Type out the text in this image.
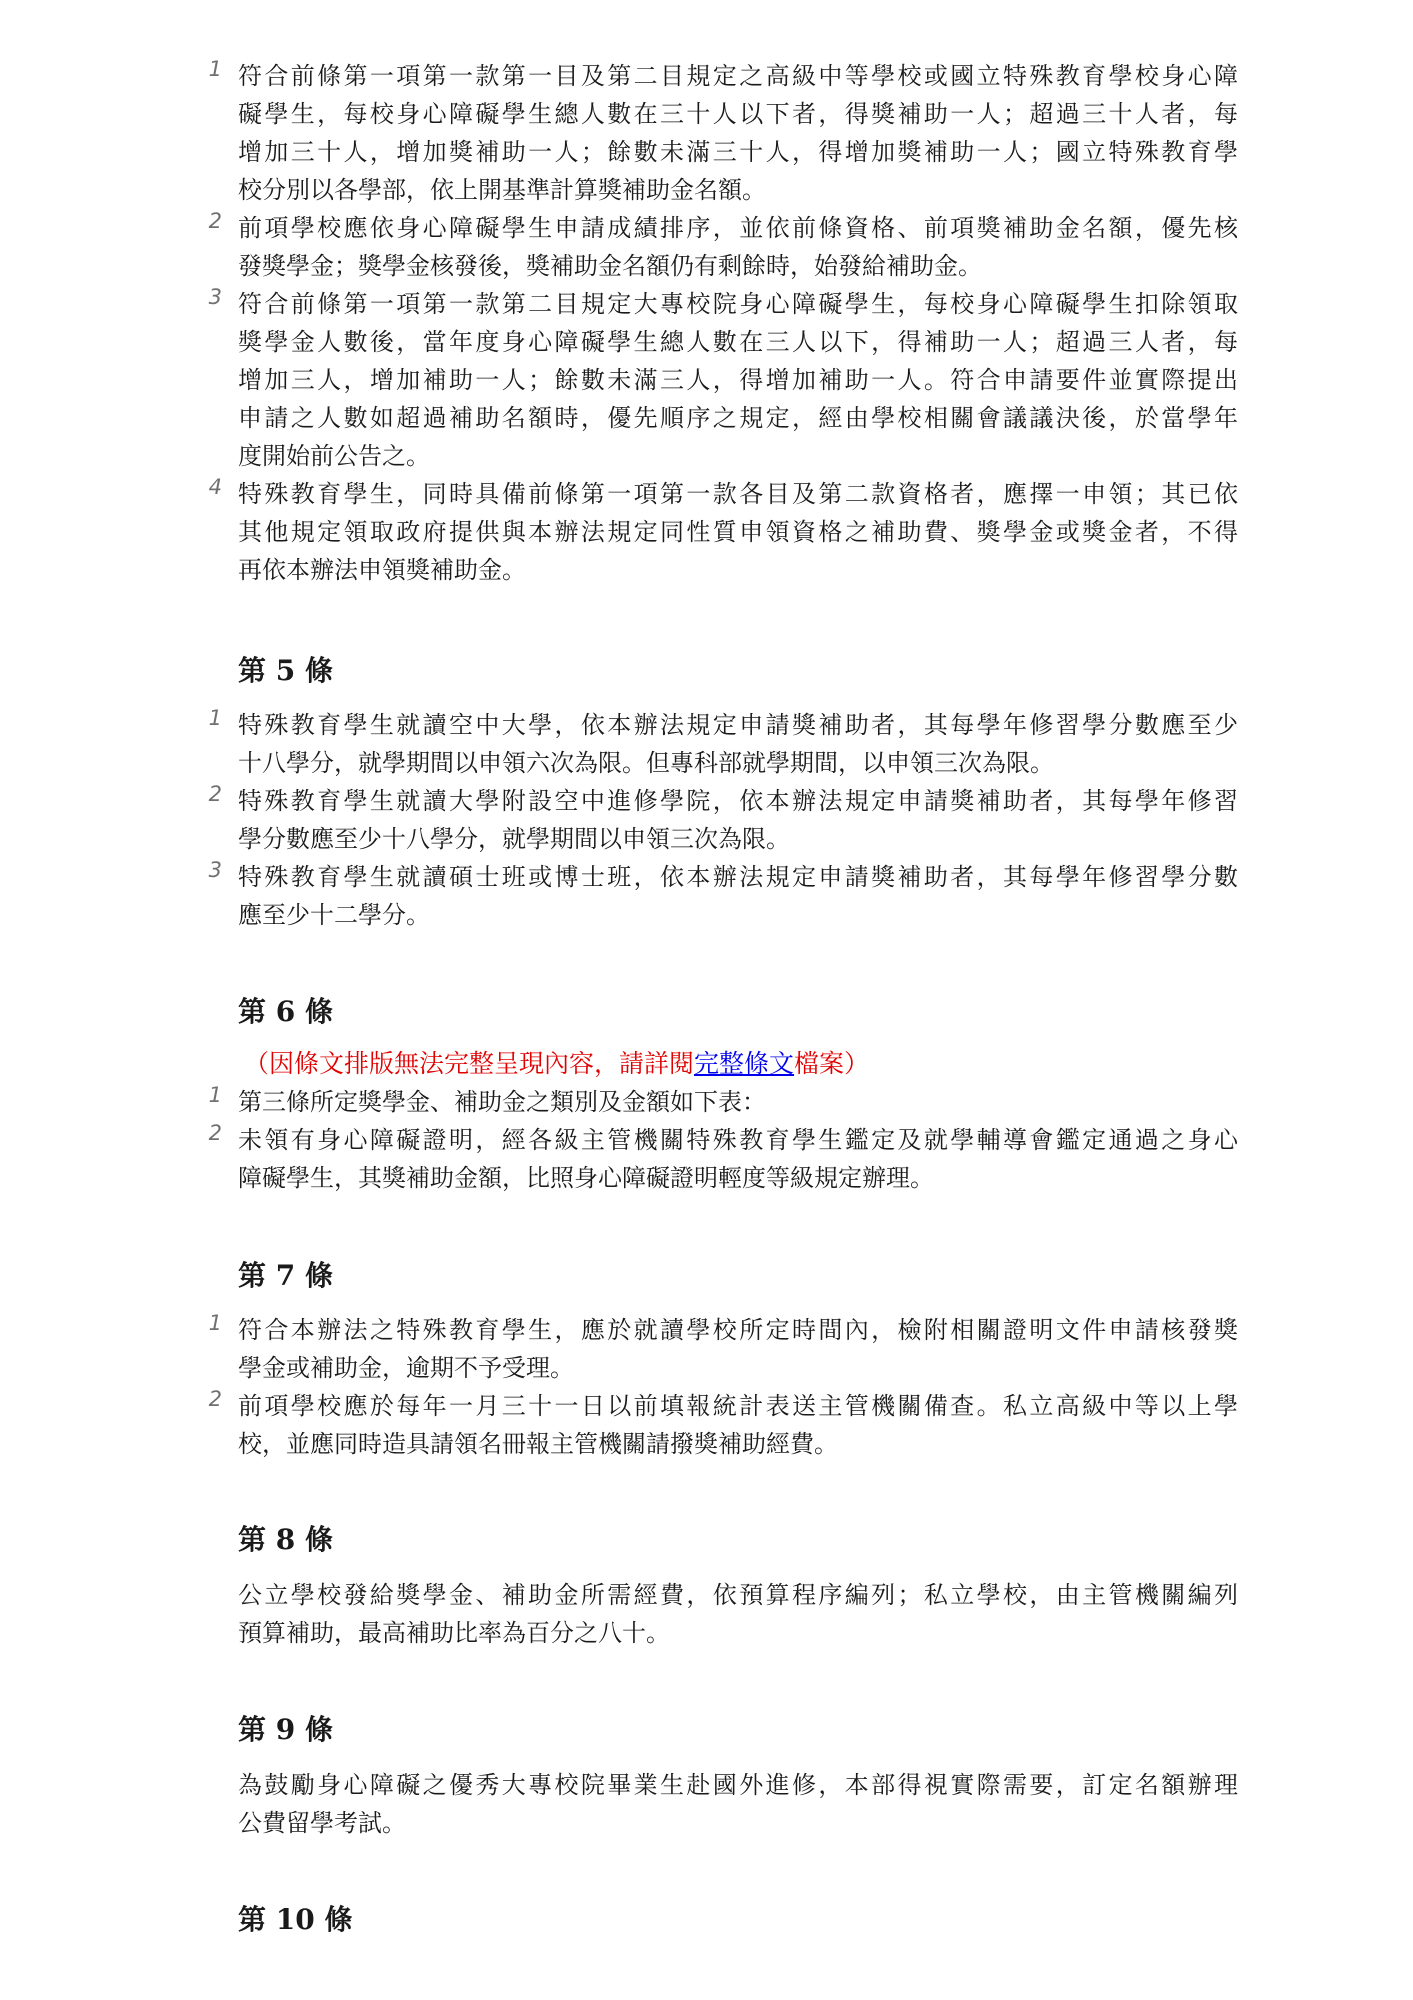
1 符合前條第一項第一款第一目及第二目規定之高級中等學校或國立特殊教育學校身心障
礙學生，每校身心障礙學生總人數在三十人以下者，得獎補助一人；超過三十人者，每
增加三十人，增加獎補助一人；餘數未滿三十人，得增加獎補助一人；國立特殊教育學
校分別以各學部，依上開基準計算獎補助金名額。
2 前項學校應依身心障礙學生申請成績排序，並依前條資格、前項獎補助金名額，優先核
發獎學金；獎學金核發後，獎補助金名額仍有剩餘時，始發給補助金。
3 符合前條第一項第一款第二目規定大專校院身心障礙學生，每校身心障礙學生扣除領取
獎學金人數後，當年度身心障礙學生總人數在三人以下，得補助一人；超過三人者，每
增加三人，增加補助一人；餘數未滿三人，得增加補助一人。符合申請要件並實際提出
申請之人數如超過補助名額時，優先順序之規定，經由學校相關會議議決後，於當學年
度開始前公告之。
4 特殊教育學生，同時具備前條第一項第一款各目及第二款資格者，應擇一申領；其已依
其他規定領取政府提供與本辦法規定同性質申領資格之補助費、獎學金或獎金者，不得
再依本辦法申領獎補助金。
第 5 條
1 特殊教育學生就讀空中大學，依本辦法規定申請獎補助者，其每學年修習學分數應至少
十八學分，就學期間以申領六次為限。但專科部就學期間，以申領三次為限。
2 特殊教育學生就讀大學附設空中進修學院，依本辦法規定申請獎補助者，其每學年修習
學分數應至少十八學分，就學期間以申領三次為限。
3 特殊教育學生就讀碩士班或博士班，依本辦法規定申請獎補助者，其每學年修習學分數
應至少十二學分。
第 6 條
（因條文排版無法完整呈現內容，請詳閱完整條文檔案）
1 第三條所定獎學金、補助金之類別及金額如下表：
2 未領有身心障礙證明，經各級主管機關特殊教育學生鑑定及就學輔導會鑑定通過之身心
障礙學生，其獎補助金額，比照身心障礙證明輕度等級規定辦理。
第 7 條
1 符合本辦法之特殊教育學生，應於就讀學校所定時間內，檢附相關證明文件申請核發獎
學金或補助金，逾期不予受理。
2 前項學校應於每年一月三十一日以前填報統計表送主管機關備查。私立高級中等以上學
校，並應同時造具請領名冊報主管機關請撥獎補助經費。
第 8 條
公立學校發給獎學金、補助金所需經費，依預算程序編列；私立學校，由主管機關編列
預算補助，最高補助比率為百分之八十。
第 9 條
為鼓勵身心障礙之優秀大專校院畢業生赴國外進修，本部得視實際需要，訂定名額辦理
公費留學考試。
第 10 條
